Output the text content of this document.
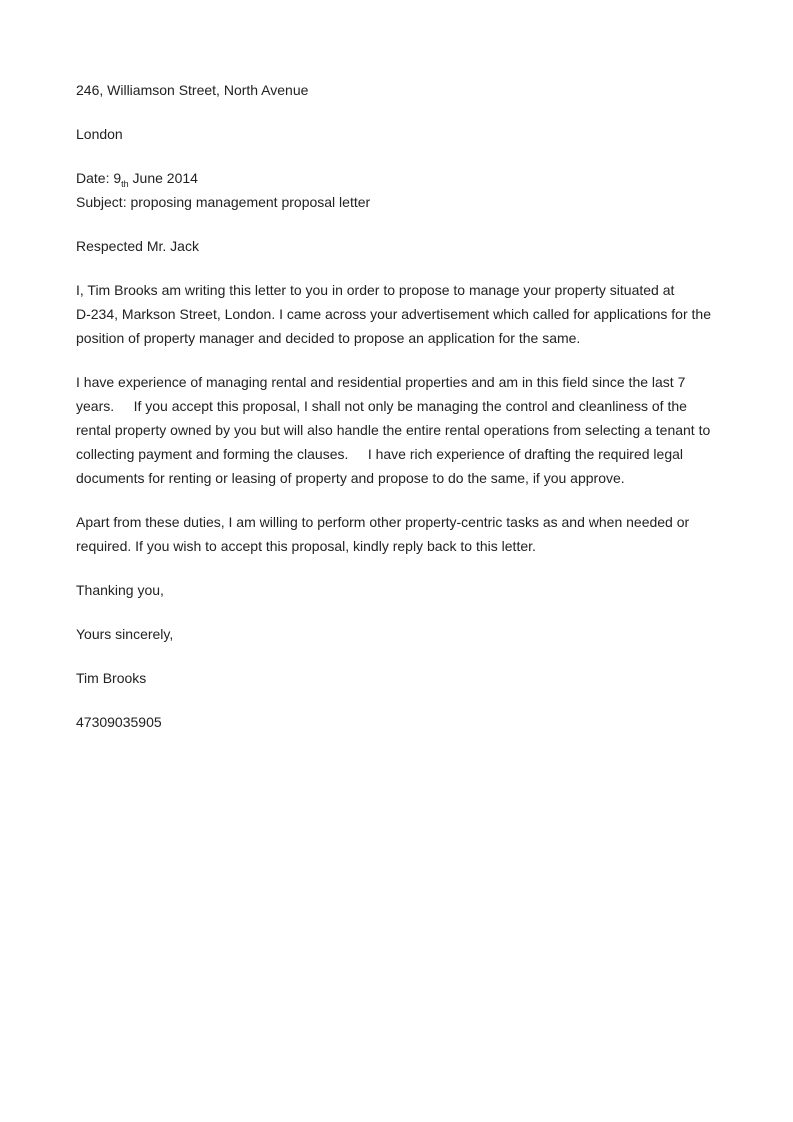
246, Williamson Street, North Avenue

London

Date: $9_{th}$ June 2014

Subject: proposing management proposal letter

Respected Mr. Jack

I, Tim Brooks am writing this letter to you in order to propose to manage your property situated at
D-234, Markson Street, London. I came across your advertisement which called for applications for the
position of property manager and decided to propose an application for the same.
I have experience of managing rental and residential properties and am in this field since the last 7
years.     If you accept this proposal, I shall not only be managing the control and cleanliness of the
rental property owned by you but will also handle the entire rental operations from selecting a tenant to
collecting payment and forming the clauses.     I have rich experience of drafting the required legal
documents for renting or leasing of property and propose to do the same, if you approve.
Apart from these duties, I am willing to perform other property-centric tasks as and when needed or
required. If you wish to accept this proposal, kindly reply back to this letter.

Thanking you,

Yours sincerely,

Tim Brooks

47309035905
